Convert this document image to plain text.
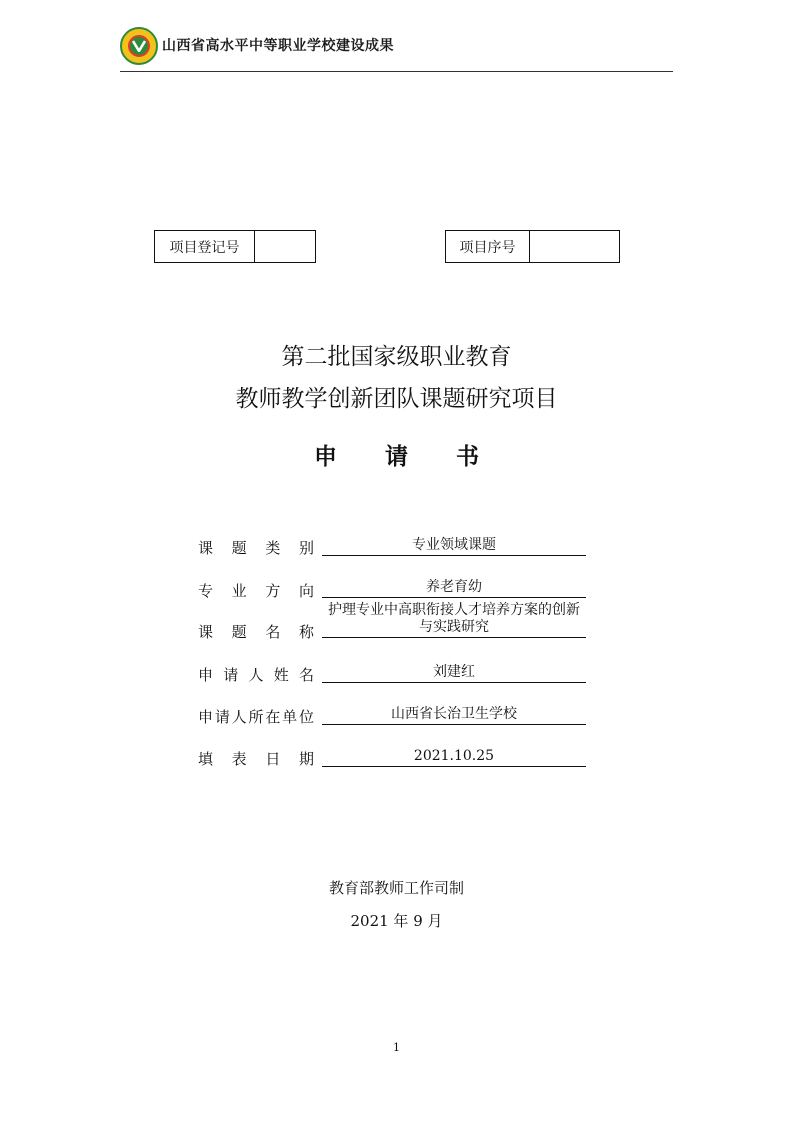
山西省高水平中等职业学校建设成果
项目登记号	项目序号
第二批国家级职业教育
教师教学创新团队课题研究项目
申请书
课 题 类 别	专业领域课题
专 业 方 向	养老育幼
课 题 名 称
护理专业中高职衔接人才培养方案的创新与实践研究
申 请 人 姓 名	刘建红
申 请 人 所 在 单 位	山西省长治卫生学校
填 表 日 期	2021.10.25
教育部教师工作司制
2021 年 9 月
1
